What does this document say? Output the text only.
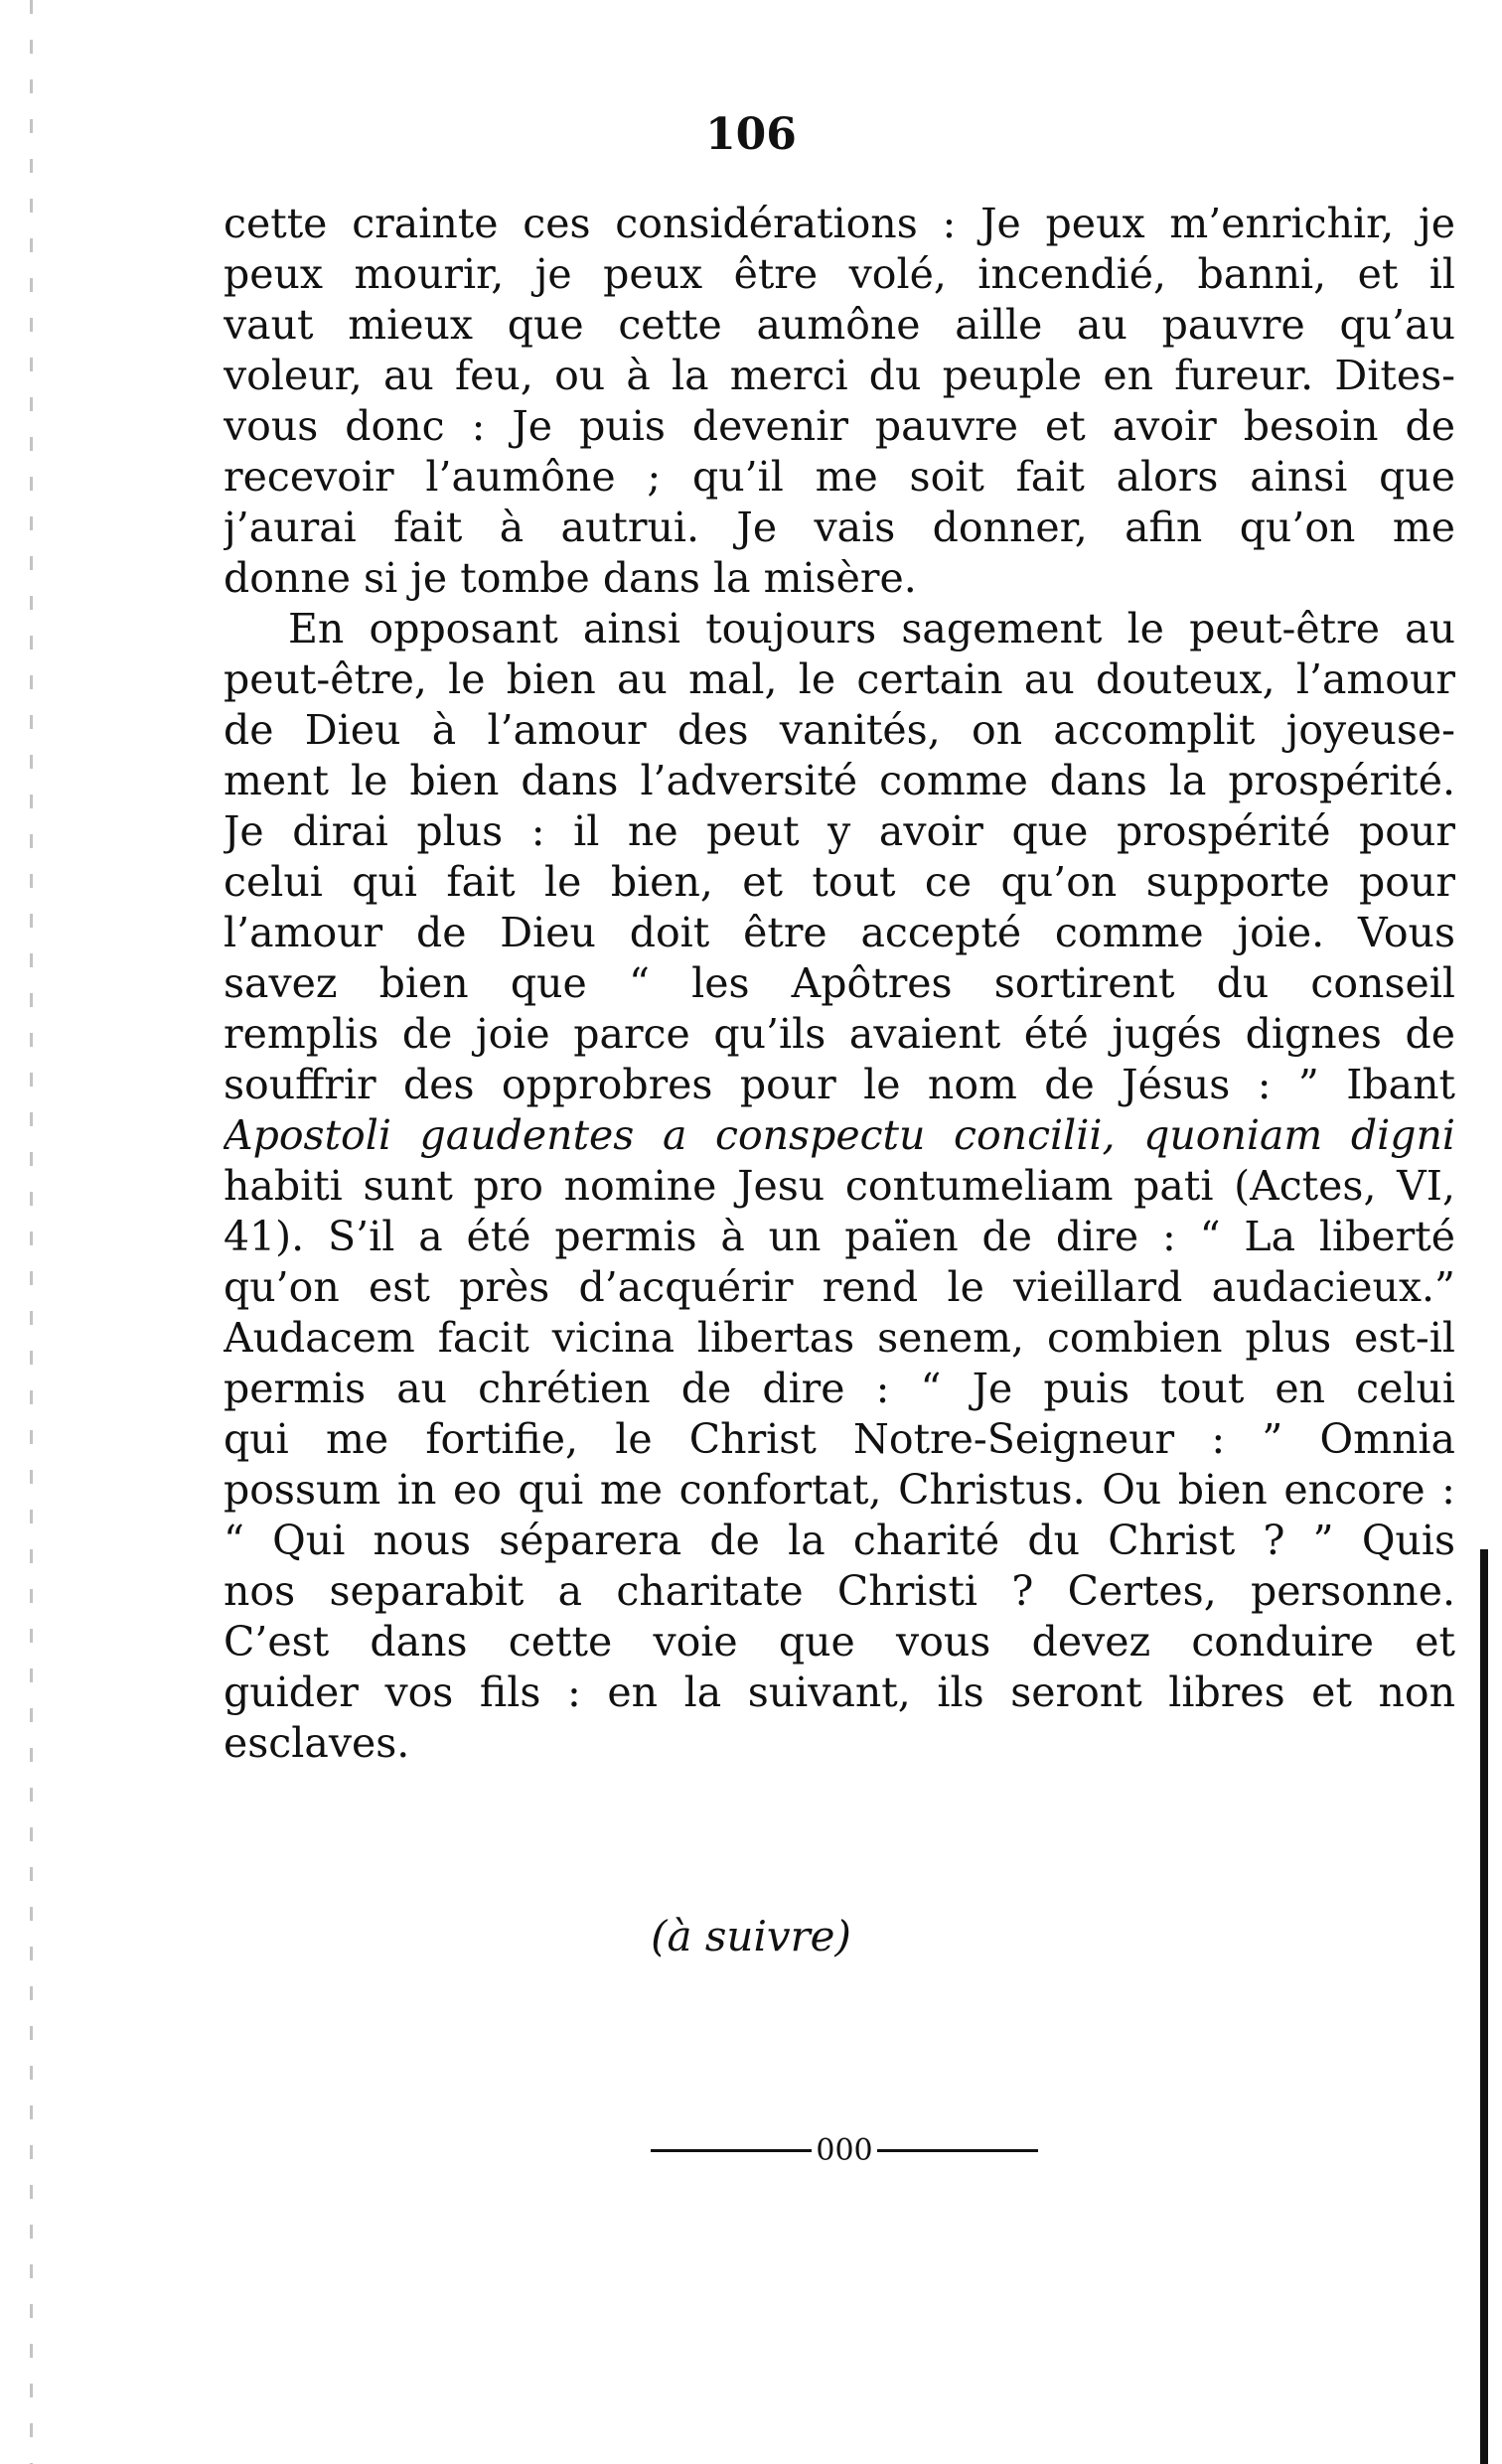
106
cette crainte ces considérations : Je peux m’enrichir, je
peux mourir, je peux être volé, incendié, banni, et il
vaut mieux que cette aumône aille au pauvre qu’au
voleur, au feu, ou à la merci du peuple en fureur. Dites-
vous donc : Je puis devenir pauvre et avoir besoin de
recevoir l’aumône ; qu’il me soit fait alors ainsi que
j’aurai fait à autrui. Je vais donner, afin qu’on me
donne si je tombe dans la misère.
En opposant ainsi toujours sagement le peut-être au
peut-être, le bien au mal, le certain au douteux, l’amour
de Dieu à l’amour des vanités, on accomplit joyeuse-
ment le bien dans l’adversité comme dans la prospérité.
Je dirai plus : il ne peut y avoir que prospérité pour
celui qui fait le bien, et tout ce qu’on supporte pour
l’amour de Dieu doit être accepté comme joie. Vous
savez bien que “ les Apôtres sortirent du conseil
remplis de joie parce qu’ils avaient été jugés dignes de
souffrir des opprobres pour le nom de Jésus : ” Ibant
Apostoli gaudentes a conspectu concilii, quoniam digni
habiti sunt pro nomine Jesu contumeliam pati (Actes, VI,
41). S’il a été permis à un païen de dire : “ La liberté
qu’on est près d’acquérir rend le vieillard audacieux.”
Audacem facit vicina libertas senem, combien plus est-il
permis au chrétien de dire : “ Je puis tout en celui
qui me fortifie, le Christ Notre-Seigneur : ” Omnia
possum in eo qui me confortat, Christus. Ou bien encore :
“ Qui nous séparera de la charité du Christ ? ” Quis
nos separabit a charitate Christi ? Certes, personne.
C’est dans cette voie que vous devez conduire et
guider vos fils : en la suivant, ils seront libres et non
esclaves.
(à suivre)
000
